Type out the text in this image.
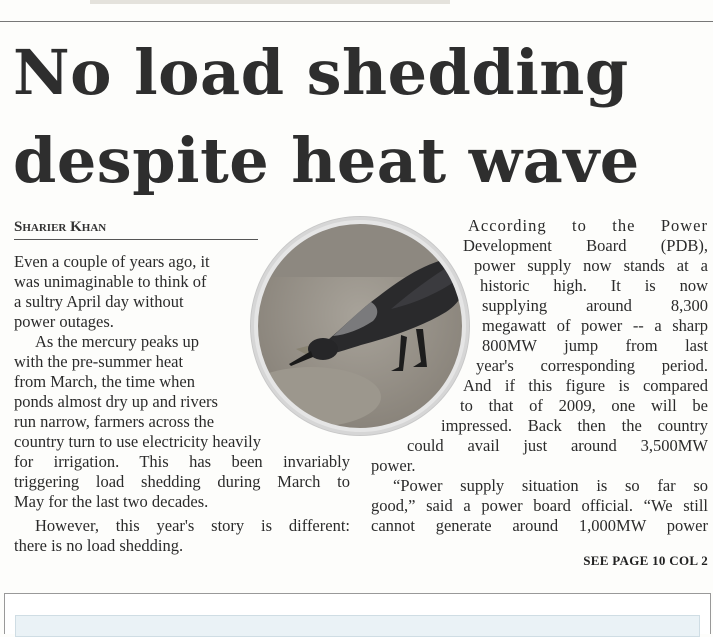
No load shedding
despite heat wave
Sharier Khan

Even a couple of years ago, it

was unimaginable to think of

a sultry April day without

power outages.

As the mercury peaks up

with the pre-summer heat

from March, the time when

ponds almost dry up and rivers

run narrow, farmers across the

country turn to use electricity heavily

for irrigation. This has been invariably

triggering load shedding during March to

May for the last two decades.

However, this year's story is different:

there is no load shedding.

According to the Power

Development Board (PDB),

power supply now stands at a

historic high. It is now

supplying around 8,300

megawatt of power -- a sharp

800MW jump from last

year's corresponding period.

And if this figure is compared

to that of 2009, one will be

impressed. Back then the country

could avail just around 3,500MW

power.

“Power supply situation is so far so

good,” said a power board official. “We still

cannot generate around 1,000MW power

SEE PAGE 10 COL 2
